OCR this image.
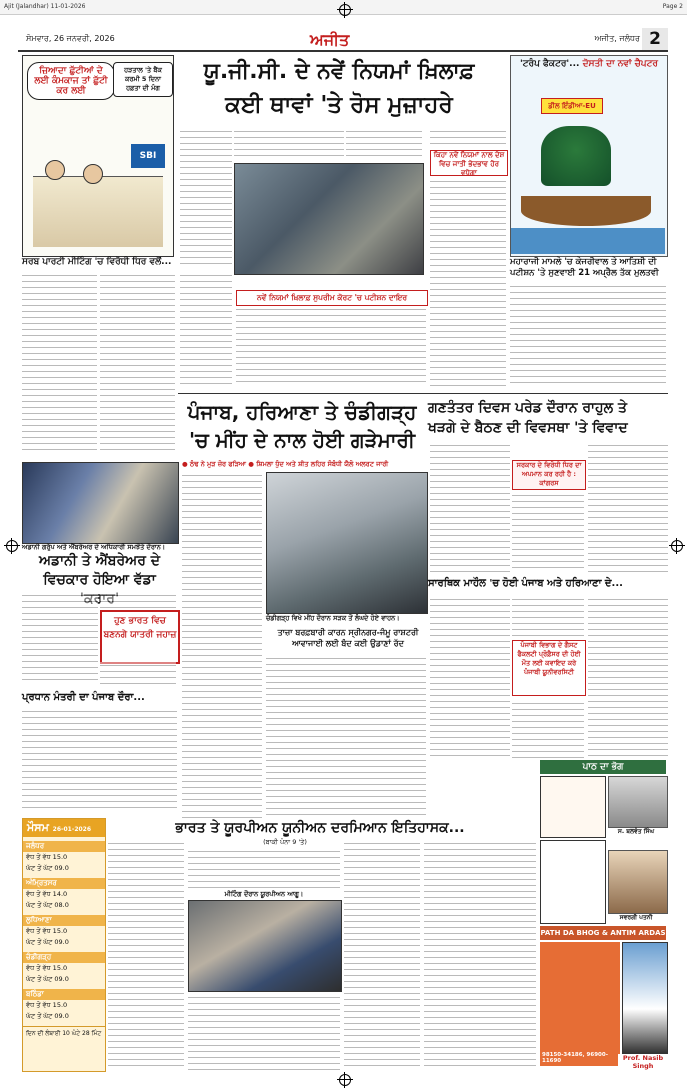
Ajit (Jalandhar) 11-01-2026	Page 2
ਸੋਮਵਾਰ, 26 ਜਨਵਰੀ, 2026	ਅਜੀਤ	ਅਜੀਤ, ਜਲੰਧਰ 2
ਜ਼ਿਆਦਾ ਛੁੱਟੀਆਂ ਦੇ ਲਈ ਕੰਮਕਾਜ ਤਾਂ ਛੁੱਟੀ ਕਰ ਲਈ
ਹੜਤਾਲ 'ਤੇ ਬੈਂਕ ਕਰਮੀ 5 ਦਿਨਾ ਹਫ਼ਤਾ ਦੀ ਮੰਗ
SBI
ਸਰਬ ਪਾਰਟੀ ਮੀਟਿੰਗ 'ਚ ਵਿਰੋਧੀ ਧਿਰ ਵਲੋਂ...
ਯੂ.ਜੀ.ਸੀ. ਦੇ ਨਵੇਂ ਨਿਯਮਾਂ ਖ਼ਿਲਾਫ਼
ਕਈ ਥਾਵਾਂ 'ਤੇ ਰੋਸ ਮੁਜ਼ਾਹਰੇ
ਕਿਹਾ ਨਵੇਂ ਨਿਯਮਾਂ ਨਾਲ ਦੇਸ਼ ਵਿਚ ਜਾਤੀ ਭੇਦਭਾਵ ਹੋਰ ਵਧੇਗਾ
ਨਵੇਂ ਨਿਯਮਾਂ ਖ਼ਿਲਾਫ਼ ਸੁਪਰੀਮ ਕੋਰਟ 'ਚ ਪਟੀਸ਼ਨ ਦਾਇਰ
'ਟਰੰਪ ਫੈਕਟਰ'... ਦੋਸਤੀ ਦਾ ਨਵਾਂ ਚੈਪਟਰ
ਡੀਲ ਇੰਡੀਆ-EU
ਮਹਾਰਾਜੀ ਮਾਮਲੇ 'ਚ ਕੇਜਰੀਵਾਲ ਤੇ ਆਤਿਸ਼ੀ ਦੀ ਪਟੀਸ਼ਨ 'ਤੇ ਸੁਣਵਾਈ 21 ਅਪ੍ਰੈਲ ਤੱਕ ਮੁਲਤਵੀ
ਪੰਜਾਬ, ਹਰਿਆਣਾ ਤੇ ਚੰਡੀਗੜ੍ਹ
'ਚ ਮੀਂਹ ਦੇ ਨਾਲ ਹੋਈ ਗੜੇਮਾਰੀ
● ਠੰਢ ਨੇ ਮੁੜ ਜ਼ੋਰ ਫੜਿਆ ● ਸ਼ਿਮਲਾ ਧੁੰਦ ਅਤੇ ਸ਼ੀਤ ਲਹਿਰ ਸੰਬੰਧੀ ਯੈਲੋ ਅਲਰਟ ਜਾਰੀ
ਚੰਡੀਗੜ੍ਹ ਵਿਖੇ ਮੀਂਹ ਦੌਰਾਨ ਸੜਕ ਤੋਂ ਲੰਘਦੇ ਹੋਏ ਵਾਹਨ।
ਤਾਜ਼ਾ ਬਰਫ਼ਬਾਰੀ ਕਾਰਨ ਸ੍ਰੀਨਗਰ-ਜੰਮੂ ਰਾਸ਼ਟਰੀ
ਆਵਾਜਾਈ ਲਈ ਬੰਦ ਕਈ ਉਡਾਣਾਂ ਰੱਦ
ਗਣਤੰਤਰ ਦਿਵਸ ਪਰੇਡ ਦੌਰਾਨ ਰਾਹੁਲ ਤੇ
ਖੜਗੇ ਦੇ ਬੈਠਣ ਦੀ ਵਿਵਸਥਾ 'ਤੇ ਵਿਵਾਦ
ਸਰਕਾਰ ਦੇ ਵਿਰੋਧੀ ਧਿਰ ਦਾ ਅਪਮਾਨ ਕਰ ਰਹੀ ਹੈ : ਕਾਂਗਰਸ
ਸਾਰਥਿਕ ਮਾਹੌਲ 'ਚ ਹੋਈ ਪੰਜਾਬ ਅਤੇ ਹਰਿਆਣਾ ਦੇ...
ਪੰਜਾਬੀ ਵਿਭਾਗ ਦੇ ਗੈਸਟ ਫੈਕਲਟੀ ਪ੍ਰੋਫ਼ੈਸਰ ਦੀ ਹੋਈ ਮੌਤ ਲਈ ਕਵਾਇਦ ਕਰੇ ਪੰਜਾਬੀ ਯੂਨੀਵਰਸਿਟੀ
ਅਡਾਨੀ ਗਰੁੱਪ ਅਤੇ ਐਂਬਰੇਅਰ ਦੇ ਅਧਿਕਾਰੀ ਸਮਝੌਤੇ ਦੌਰਾਨ।
ਅਡਾਨੀ ਤੇ ਐਂਬਰੇਅਰ ਦੇ
ਵਿਚਕਾਰ ਹੋਇਆ ਵੱਡਾ 'ਕਰਾਰ'
ਹੁਣ ਭਾਰਤ ਵਿਚ ਬਣਨਗੇ ਯਾਤਰੀ ਜਹਾਜ਼
ਪ੍ਰਧਾਨ ਮੰਤਰੀ ਦਾ ਪੰਜਾਬ ਦੌਰਾ...
ਭਾਰਤ ਤੇ ਯੂਰਪੀਅਨ ਯੂਨੀਅਨ ਦਰਮਿਆਨ ਇਤਿਹਾਸਕ...
(ਬਾਕੀ ਪੰਨਾ 9 'ਤੇ)
ਮੀਟਿੰਗ ਦੌਰਾਨ ਯੂਰਪੀਅਨ ਆਗੂ।
ਮੌਸਮ 26-01-2026
ਜਲੰਧਰ
ਵੱਧ ਤੋਂ ਵੱਧ 15.0
ਘੱਟ ਤੋਂ ਘੱਟ 09.0
ਅੰਮ੍ਰਿਤਸਰ
ਵੱਧ ਤੋਂ ਵੱਧ 14.0
ਘੱਟ ਤੋਂ ਘੱਟ 08.0
ਲੁਧਿਆਣਾ
ਵੱਧ ਤੋਂ ਵੱਧ 15.0
ਘੱਟ ਤੋਂ ਘੱਟ 09.0
ਚੰਡੀਗੜ੍ਹ
ਵੱਧ ਤੋਂ ਵੱਧ 15.0
ਘੱਟ ਤੋਂ ਘੱਟ 09.0
ਬਠਿੰਡਾ
ਵੱਧ ਤੋਂ ਵੱਧ 15.0
ਘੱਟ ਤੋਂ ਘੱਟ 09.0
ਦਿਨ ਦੀ ਲੰਬਾਈ 10 ਘੰਟੇ 28 ਮਿੰਟ
ਪਾਠ ਦਾ ਭੋਗ
ਸ. ਬਲਵੰਤ ਸਿੰਘ
ਸਵਰਗੀ ਪਤਨੀ
PATH DA BHOG & ANTIM ARDAS
Prof. Nasib Singh
98150-34186, 96900-11690
